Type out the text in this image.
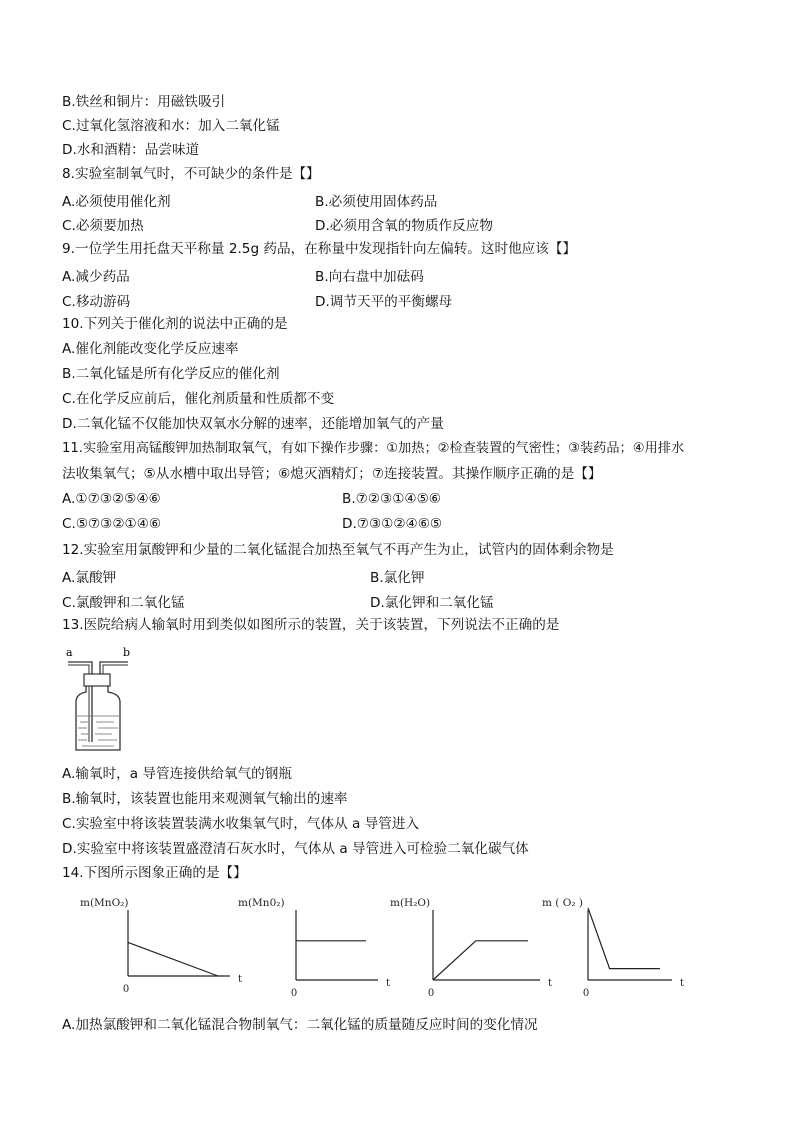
B.铁丝和铜片：用磁铁吸引
C.过氧化氢溶液和水：加入二氧化锰
D.水和酒精：品尝味道
8.实验室制氧气时，不可缺少的条件是【】
A.必须使用催化剂	B.必须使用固体药品
C.必须要加热	D.必须用含氧的物质作反应物
9.一位学生用托盘天平称量 2.5g 药品，在称量中发现指针向左偏转。这时他应该【】
A.减少药品	B.向右盘中加砝码
C.移动游码	D.调节天平的平衡螺母
10.下列关于催化剂的说法中正确的是
A.催化剂能改变化学反应速率
B.二氧化锰是所有化学反应的催化剂
C.在化学反应前后，催化剂质量和性质都不变
D.二氧化锰不仅能加快双氧水分解的速率，还能增加氧气的产量
11.实验室用高锰酸钾加热制取氧气，有如下操作步骤：①加热；②检查装置的气密性；③装药品；④用排水
法收集氧气；⑤从水槽中取出导管；⑥熄灭酒精灯；⑦连接装置。其操作顺序正确的是【】
A.①⑦③②⑤④⑥	B.⑦②③①④⑤⑥
C.⑤⑦③②①④⑥	D.⑦③①②④⑥⑤
12.实验室用氯酸钾和少量的二氧化锰混合加热至氧气不再产生为止，试管内的固体剩余物是
A.氯酸钾	B.氯化钾
C.氯酸钾和二氧化锰	D.氯化钾和二氧化锰
13.医院给病人输氧时用到类似如图所示的装置，关于该装置，下列说法不正确的是
a	b
A.输氧时，a 导管连接供给氧气的钢瓶
B.输氧时，该装置也能用来观测氧气输出的速率
C.实验室中将该装置装满水收集氧气时，气体从 a 导管进入
D.实验室中将该装置盛澄清石灰水时，气体从 a 导管进入可检验二氧化碳气体
14.下图所示图象正确的是【】
m(MnO₂)
0
t
m(Mn0₂)
0
t
m(H₂O)
0
t
m ( O₂ )
0
t
A.加热氯酸钾和二氧化锰混合物制氧气：二氧化锰的质量随反应时间的变化情况
